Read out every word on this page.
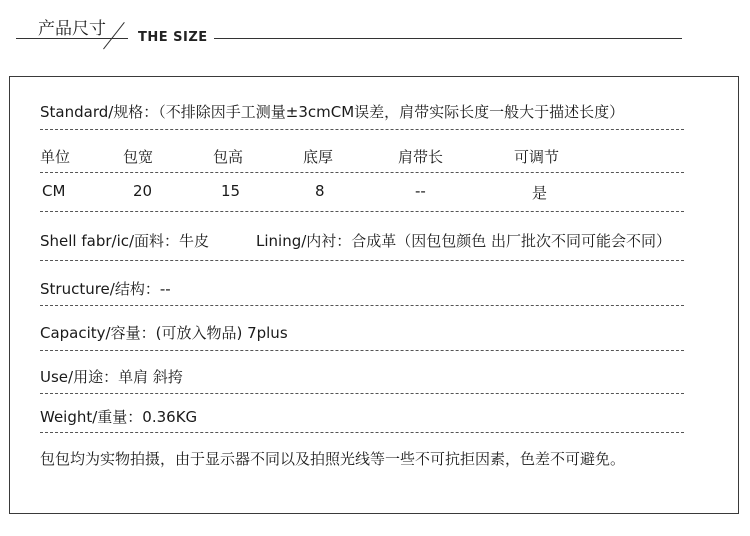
产品尺寸 THE SIZE
Standard/规格：（不排除因手工测量±3cmCM误差，肩带实际长度一般大于描述长度）
单位	包宽	包高	底厚	肩带长	可调节
CM	20	15	8	--	是
Shell fabr/ic/面料：牛皮	Lining/内衬：合成革（因包包颜色 出厂批次不同可能会不同）
Structure/结构：--
Capacity/容量：(可放入物品) 7plus
Use/用途：单肩 斜挎
Weight/重量：0.36KG
包包均为实物拍摄，由于显示器不同以及拍照光线等一些不可抗拒因素，色差不可避免。
